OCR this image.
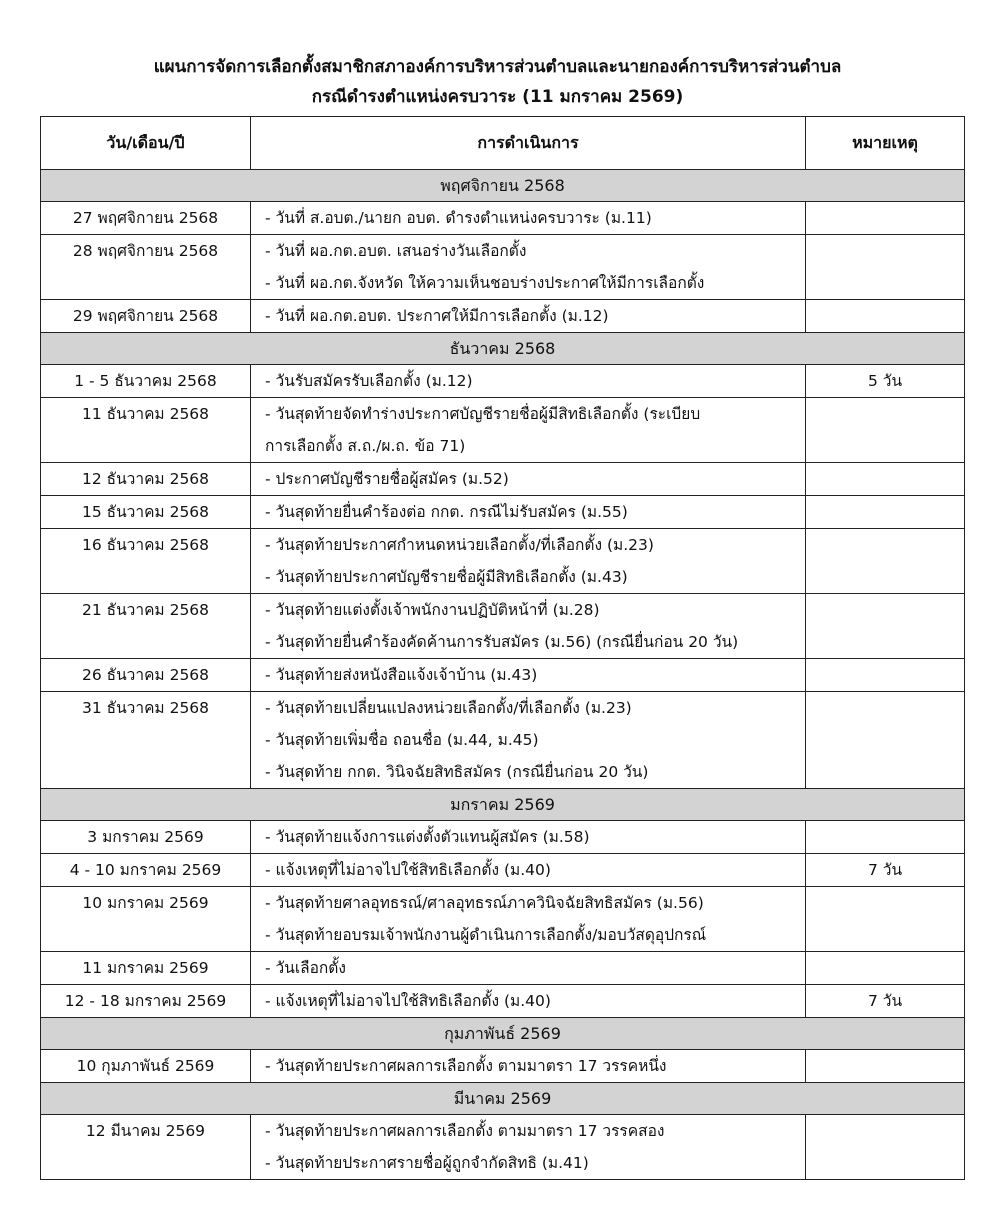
แผนการจัดการเลือกตั้งสมาชิกสภาองค์การบริหารส่วนตำบลและนายกองค์การบริหารส่วนตำบล
กรณีดำรงตำแหน่งครบวาระ (11 มกราคม 2569)
วัน/เดือน/ปี	การดำเนินการ	หมายเหตุ
พฤศจิกายน 2568		

27 พฤศจิกายน 2568	- วันที่ ส.อบต./นายก อบต. ดำรงตำแหน่งครบวาระ (ม.11)	

28 พฤศจิกายน 2568	- วันที่ ผอ.กต.อบต. เสนอร่างวันเลือกตั้ง
- วันที่ ผอ.กต.จังหวัด ให้ความเห็นชอบร่างประกาศให้มีการเลือกตั้ง	

29 พฤศจิกายน 2568	- วันที่ ผอ.กต.อบต. ประกาศให้มีการเลือกตั้ง (ม.12)	

ธันวาคม 2568		

1 - 5 ธันวาคม 2568	- วันรับสมัครรับเลือกตั้ง (ม.12)	5 วัน

11 ธันวาคม 2568	- วันสุดท้ายจัดทำร่างประกาศบัญชีรายชื่อผู้มีสิทธิเลือกตั้ง (ระเบียบ
การเลือกตั้ง ส.ถ./ผ.ถ. ข้อ 71)	

12 ธันวาคม 2568	- ประกาศบัญชีรายชื่อผู้สมัคร (ม.52)	

15 ธันวาคม 2568	- วันสุดท้ายยื่นคำร้องต่อ กกต. กรณีไม่รับสมัคร (ม.55)	

16 ธันวาคม 2568	- วันสุดท้ายประกาศกำหนดหน่วยเลือกตั้ง/ที่เลือกตั้ง (ม.23)
- วันสุดท้ายประกาศบัญชีรายชื่อผู้มีสิทธิเลือกตั้ง (ม.43)	

21 ธันวาคม 2568	- วันสุดท้ายแต่งตั้งเจ้าพนักงานปฏิบัติหน้าที่ (ม.28)
- วันสุดท้ายยื่นคำร้องคัดค้านการรับสมัคร (ม.56) (กรณียื่นก่อน 20 วัน)	

26 ธันวาคม 2568	- วันสุดท้ายส่งหนังสือแจ้งเจ้าบ้าน (ม.43)	

31 ธันวาคม 2568	- วันสุดท้ายเปลี่ยนแปลงหน่วยเลือกตั้ง/ที่เลือกตั้ง (ม.23)
- วันสุดท้ายเพิ่มชื่อ ถอนชื่อ (ม.44, ม.45)
- วันสุดท้าย กกต. วินิจฉัยสิทธิสมัคร (กรณียื่นก่อน 20 วัน)	

มกราคม 2569		

3 มกราคม 2569	- วันสุดท้ายแจ้งการแต่งตั้งตัวแทนผู้สมัคร (ม.58)	

4 - 10 มกราคม 2569	- แจ้งเหตุที่ไม่อาจไปใช้สิทธิเลือกตั้ง (ม.40)	7 วัน

10 มกราคม 2569	- วันสุดท้ายศาลอุทธรณ์/ศาลอุทธรณ์ภาควินิจฉัยสิทธิสมัคร (ม.56)
- วันสุดท้ายอบรมเจ้าพนักงานผู้ดำเนินการเลือกตั้ง/มอบวัสดุอุปกรณ์	

11 มกราคม 2569	- วันเลือกตั้ง	

12 - 18 มกราคม 2569	- แจ้งเหตุที่ไม่อาจไปใช้สิทธิเลือกตั้ง (ม.40)	7 วัน

กุมภาพันธ์ 2569		

10 กุมภาพันธ์ 2569	- วันสุดท้ายประกาศผลการเลือกตั้ง ตามมาตรา 17 วรรคหนึ่ง	

มีนาคม 2569		

12 มีนาคม 2569	- วันสุดท้ายประกาศผลการเลือกตั้ง ตามมาตรา 17 วรรคสอง
- วันสุดท้ายประกาศรายชื่อผู้ถูกจำกัดสิทธิ (ม.41)	
